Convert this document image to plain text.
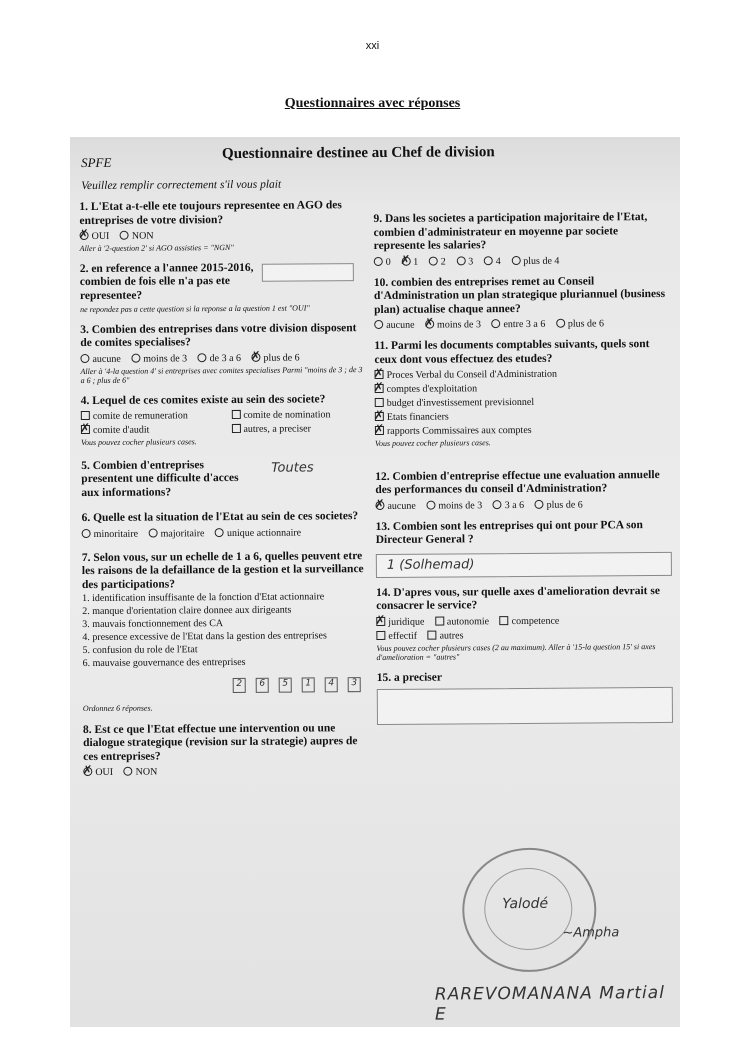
xxi
Questionnaires avec réponses
SPFE
Questionnaire destinee au Chef de division
Veuillez remplir correctement s'il vous plait
1. L'Etat a-t-elle ete toujours representee en AGO des entreprises de votre division?
✗OUI NON
Aller à '2-question 2' si AGO assisties = "NGN"
2. en reference a l'annee 2015-2016, combien de fois elle n'a pas ete representee?
ne repondez pas a cette question si la reponse a la question 1 est "OUI"
3. Combien des entreprises dans votre division disposent de comites specialises?
aucune moins de 3 de 3 a 6 ✗ plus de 6
Aller à '4-la question 4' si entreprises avec comites specialises Parmi "moins de 3 ; de 3 a 6 ; plus de 6"
4. Lequel de ces comites existe au sein des societe?
comite de remuneration	comite de nomination
✗comite d'audit	autres, a preciser
Vous pouvez cocher plusieurs cases.
5. Combien d'entreprises presentent une difficulte d'acces aux informations?
Toutes
6. Quelle est la situation de l'Etat au sein de ces societes?
minoritaire majoritaire unique actionnaire
7. Selon vous, sur un echelle de 1 a 6, quelles peuvent etre les raisons de la defaillance de la gestion et la surveillance des participations?
1. identification insuffisante de la fonction d'Etat actionnaire
2. manque d'orientation claire donnee aux dirigeants
3. mauvais fonctionnement des CA
4. presence excessive de l'Etat dans la gestion des entreprises
5. confusion du role de l'Etat
6. mauvaise gouvernance des entreprises
2 6 5 1 4 3
Ordonnez 6 réponses.
8. Est ce que l'Etat effectue une intervention ou une dialogue strategique (revision sur la strategie) aupres de ces entreprises?
✗OUI NON
9. Dans les societes a participation majoritaire de l'Etat, combien d'administrateur en moyenne par societe represente les salaries?
0 ✗ 1 2 3 4 plus de 4
10. combien des entreprises remet au Conseil d'Administration un plan strategique pluriannuel (business plan) actualise chaque annee?
aucune ✗ moins de 3 entre 3 a 6 plus de 6
11. Parmi les documents comptables suivants, quels sont ceux dont vous effectuez des etudes?
✗Proces Verbal du Conseil d'Administration
✗comptes d'exploitation
budget d'investissement previsionnel
✗Etats financiers
✗rapports Commissaires aux comptes
Vous pouvez cocher plusieurs cases.
12. Combien d'entreprise effectue une evaluation annuelle des performances du conseil d'Administration?
✗aucune moins de 3 3 a 6 plus de 6
13. Combien sont les entreprises qui ont pour PCA son Directeur General ?
1 (Solhemad)
14. D'apres vous, sur quelle axes d'amelioration devrait se consacrer le service?
✗juridique autonomie competence
effectif autres
Vous pouvez cocher plusieurs cases (2 au maximum). Aller à '15-la question 15' si axes d'amelioration = "autres"
15. a preciser
Yalodé
~Ampha
RAREVOMANANA Martial E
